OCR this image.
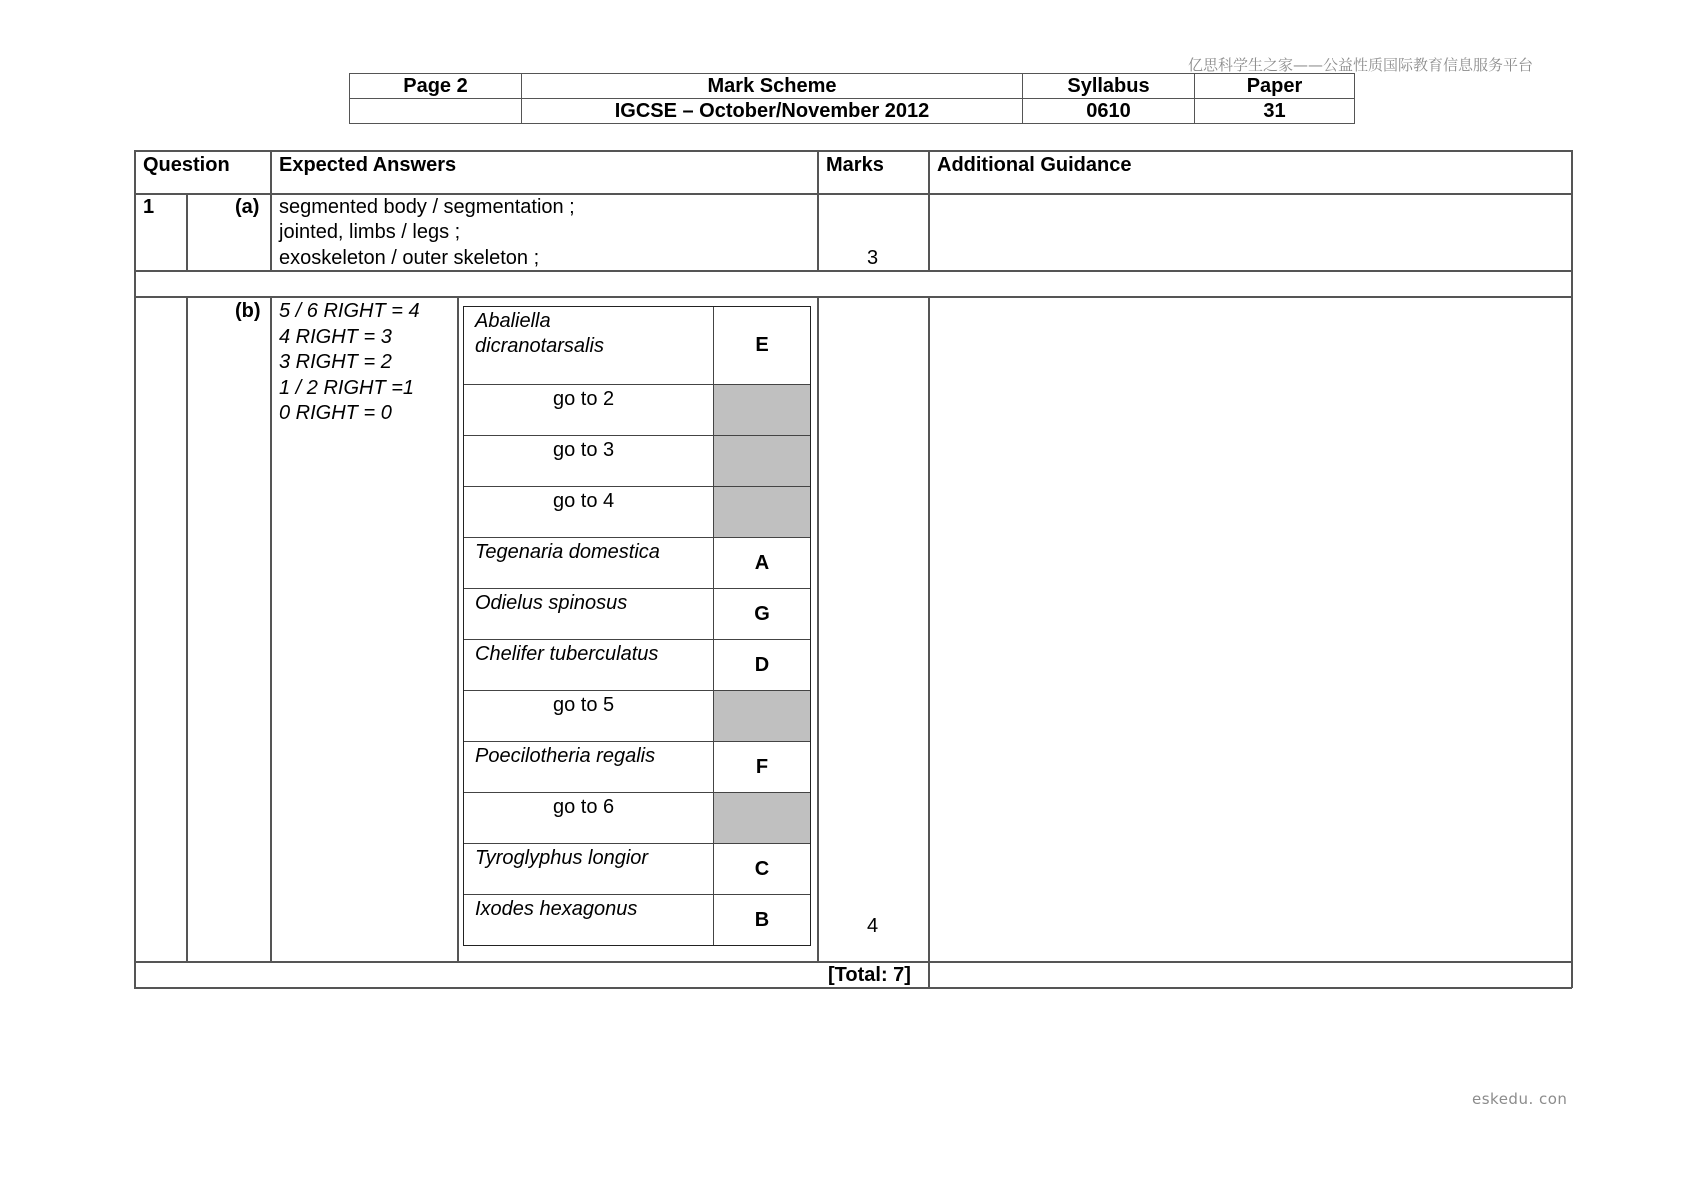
亿思科学生之家——公益性质国际教育信息服务平台
eskedu. con
Page 2	Mark Scheme	Syllabus	Paper
	IGCSE – October/November 2012	0610	31
Question Expected Answers	Marks	Additional Guidance
1	(a) segmented body / segmentation ;
jointed, limbs / legs ;
exoskeleton / outer skeleton ;	3
(b) 5 / 6 RIGHT = 4
4 RIGHT = 3
3 RIGHT = 2
1 / 2 RIGHT =1
0 RIGHT = 0
4
Abaliella
dicranotarsalis	E
go to 2
go to 3
go to 4
Tegenaria domestica	A
Odielus spinosus	G
Chelifer tuberculatus	D
go to 5
Poecilotheria regalis	F
go to 6
Tyroglyphus longior	C
Ixodes hexagonus	B
[Total: 7]
